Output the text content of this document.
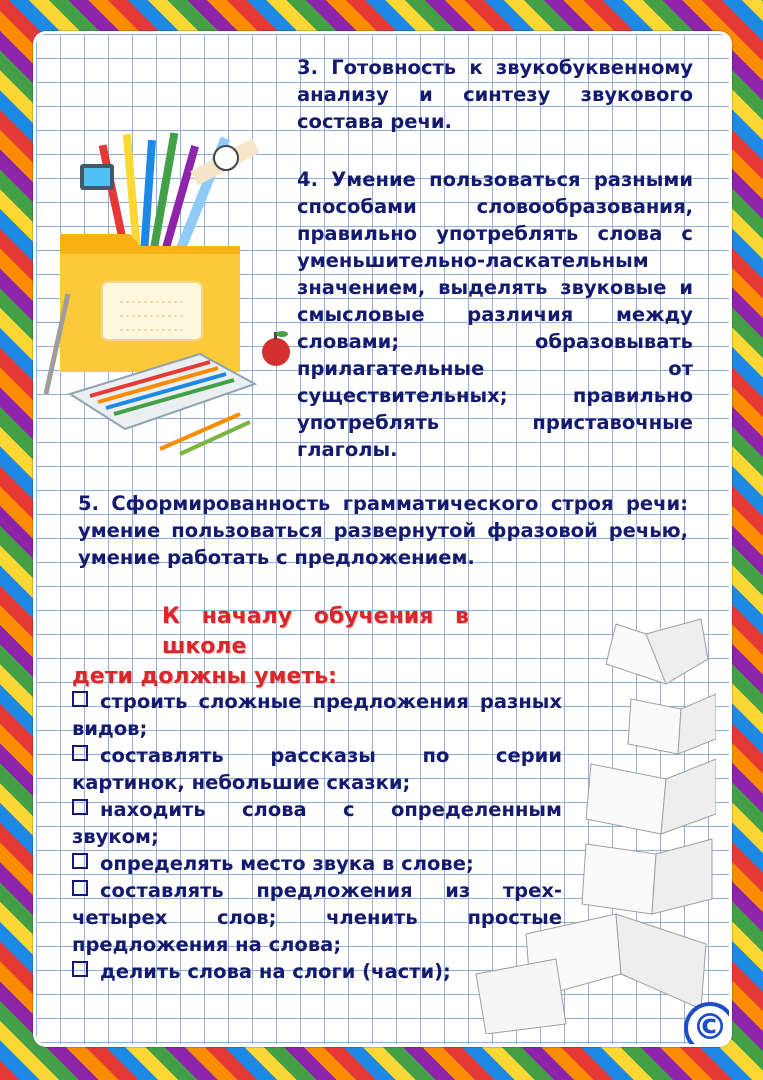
3. Готовность к звукобуквенному анализу и синтезу звукового состава речи.

4. Умение пользоваться разными способами словообразования, правильно употреблять слова с уменьшительно-ласкательным значением, выделять звуковые и смысловые различия между словами; образовывать прилагательные от существительных; правильно употреблять приставочные глаголы.

5. Сформированность грамматического строя речи: умение пользоваться развернутой фразовой речью, умение работать с предложением.

К началу обучения в школе
дети должны уметь:
строить сложные предложения разных видов;
составлять рассказы по серии картинок, небольшие сказки;
находить слова с определенным звуком;
определять место звука в слове;
составлять предложения из трех-четырех слов; членить простые предложения на слова;
делить слова на слоги (части);
©
